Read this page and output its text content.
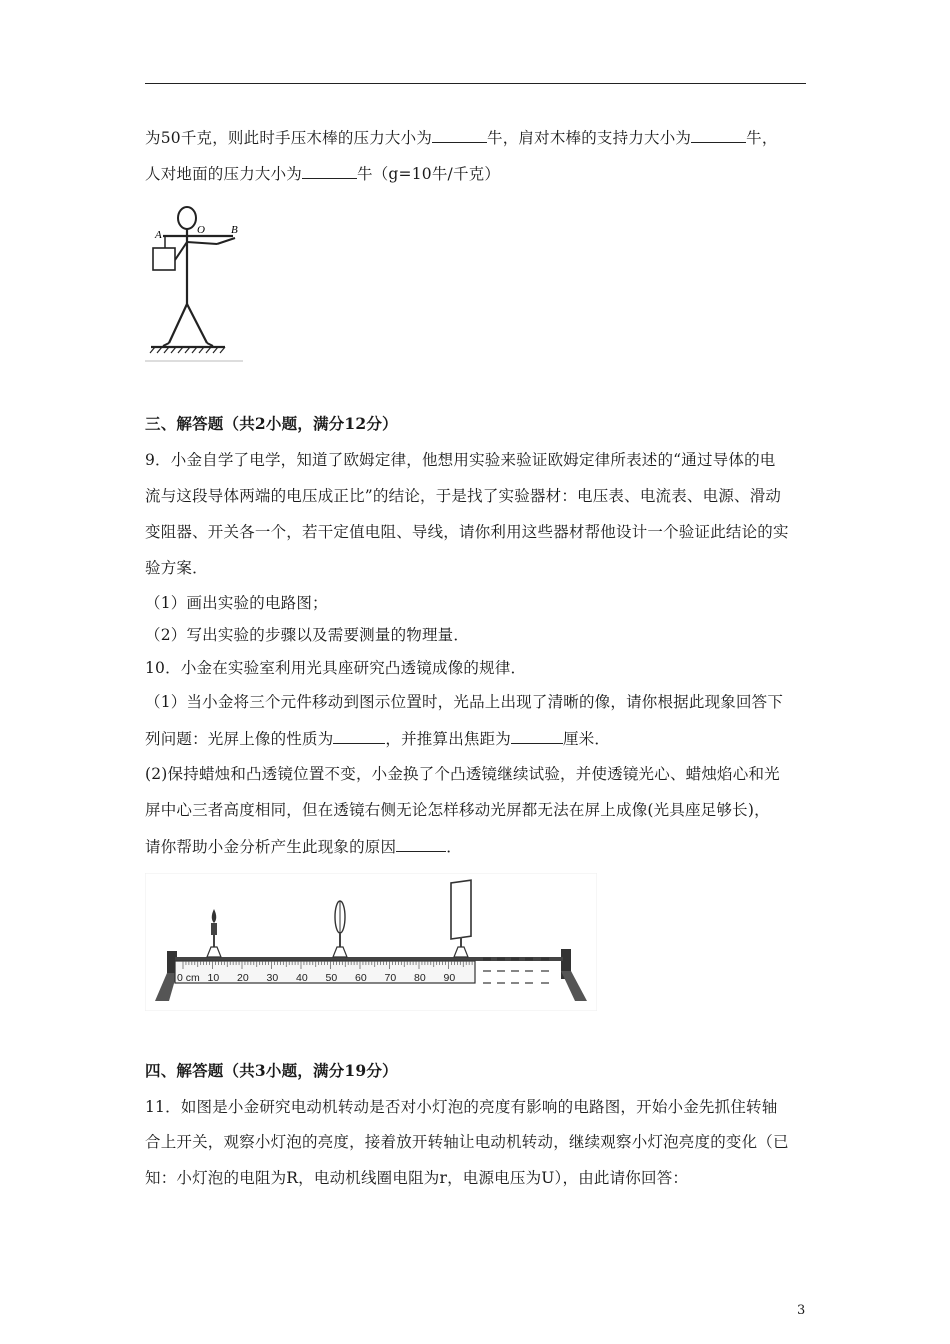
为50千克，则此时手压木棒的压力大小为	牛，肩对木棒的支持力大小为	牛，
人对地面的压力大小为	牛（g=10牛/千克）
A	O B
三、解答题（共2小题，满分12分）
9．小金自学了电学，知道了欧姆定律，他想用实验来验证欧姆定律所表述的“通过导体的电
流与这段导体两端的电压成正比”的结论，于是找了实验器材：电压表、电流表、电源、滑动
变阻器、开关各一个，若干定值电阻、导线，请你利用这些器材帮他设计一个验证此结论的实
验方案．
（1）画出实验的电路图；
（2）写出实验的步骤以及需要测量的物理量．
10．小金在实验室利用光具座研究凸透镜成像的规律．
（1）当小金将三个元件移动到图示位置时，光品上出现了清晰的像，请你根据此现象回答下
列问题：光屏上像的性质为	，并推算出焦距为	厘米．
(2)保持蜡烛和凸透镜位置不变，小金换了个凸透镜继续试验，并使透镜光心、蜡烛焰心和光
屏中心三者高度相同，但在透镜右侧无论怎样移动光屏都无法在屏上成像(光具座足够长)，
请你帮助小金分析产生此现象的原因	．
0 cm 10 20 30 40 50 60 70 80 90
四、解答题（共3小题，满分19分）
11．如图是小金研究电动机转动是否对小灯泡的亮度有影响的电路图，开始小金先抓住转轴
合上开关，观察小灯泡的亮度，接着放开转轴让电动机转动，继续观察小灯泡亮度的变化（已
知：小灯泡的电阻为R，电动机线圈电阻为r，电源电压为U），由此请你回答：
3
